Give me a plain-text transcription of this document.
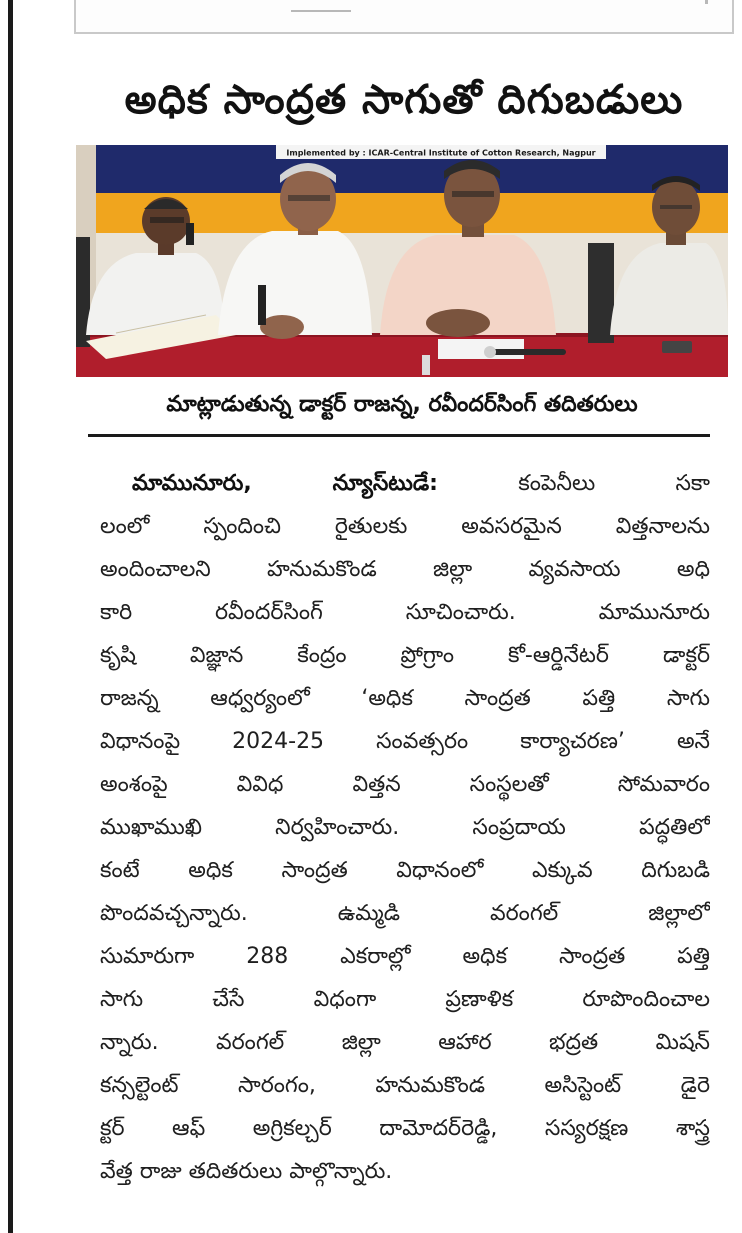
అధిక సాంద్రత సాగుతో దిగుబడులు
Implemented by : ICAR-Central Institute of Cotton Research, Nagpur

మాట్లాడుతున్న డాక్టర్ రాజన్న, రవీందర్‌సింగ్ తదితరులు

మామునూరు, న్యూస్‌టుడే:	కంపెనీలు సకా
లంలో స్పందించి రైతులకు అవసరమైన విత్తనాలను
అందించాలని హనుమకొండ జిల్లా వ్యవసాయ అధి
కారి రవీందర్‌సింగ్ సూచించారు. మామునూరు
కృషి విజ్ఞాన కేంద్రం ప్రోగ్రాం కో-ఆర్డినేటర్ డాక్టర్
రాజన్న ఆధ్వర్యంలో ‘అధిక సాంద్రత పత్తి సాగు
విధానంపై 2024-25 సంవత్సరం కార్యాచరణ’ అనే
అంశంపై వివిధ విత్తన సంస్థలతో సోమవారం
ముఖాముఖి నిర్వహించారు. సంప్రదాయ పద్ధతిలో
కంటే అధిక సాంద్రత విధానంలో ఎక్కువ దిగుబడి
పొందవచ్చన్నారు. ఉమ్మడి వరంగల్ జిల్లాలో
సుమారుగా 288 ఎకరాల్లో అధిక సాంద్రత పత్తి
సాగు చేసే విధంగా ప్రణాళిక రూపొందించాల
న్నారు. వరంగల్ జిల్లా ఆహార భద్రత మిషన్
కన్సల్టెంట్ సారంగం, హనుమకొండ అసిస్టెంట్ డైరె
క్టర్ ఆఫ్ అగ్రికల్చర్ దామోదర్‌రెడ్డి, సస్యరక్షణ శాస్త్ర
వేత్త రాజు తదితరులు పాల్గొన్నారు.
